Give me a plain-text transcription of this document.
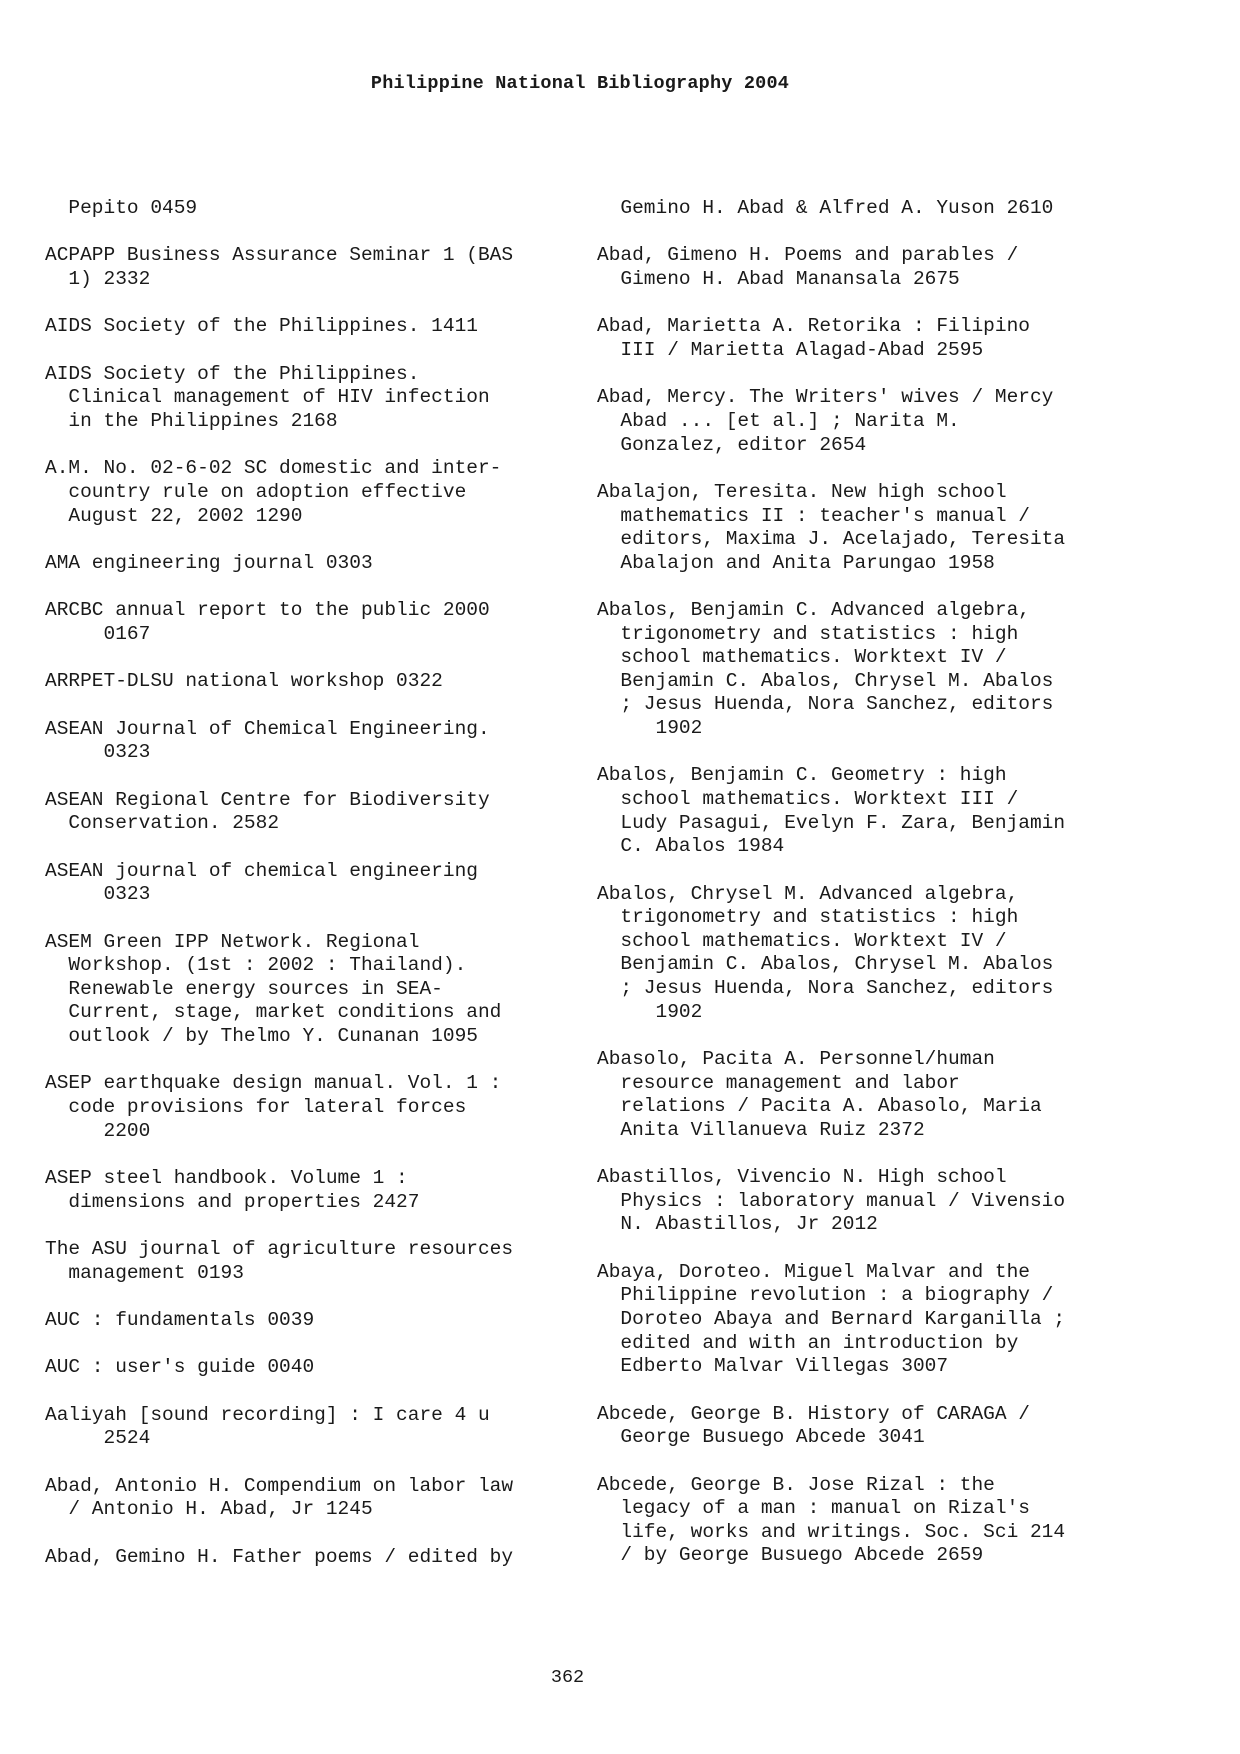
Philippine National Bibliography 2004
Pepito 0459
ACPAPP Business Assurance Seminar 1 (BAS
1) 2332
AIDS Society of the Philippines. 1411
AIDS Society of the Philippines.
Clinical management of HIV infection
in the Philippines 2168
A.M. No. 02-6-02 SC domestic and inter-
country rule on adoption effective
August 22, 2002 1290
AMA engineering journal 0303
ARCBC annual report to the public 2000
0167
ARRPET-DLSU national workshop 0322
ASEAN Journal of Chemical Engineering.
0323
ASEAN Regional Centre for Biodiversity
Conservation. 2582
ASEAN journal of chemical engineering
0323
ASEM Green IPP Network. Regional
Workshop. (1st : 2002 : Thailand).
Renewable energy sources in SEA-
Current, stage, market conditions and
outlook / by Thelmo Y. Cunanan 1095
ASEP earthquake design manual. Vol. 1 :
code provisions for lateral forces
2200
ASEP steel handbook. Volume 1 :
dimensions and properties 2427
The ASU journal of agriculture resources
management 0193
AUC : fundamentals 0039
AUC : user's guide 0040
Aaliyah [sound recording] : I care 4 u
2524
Abad, Antonio H. Compendium on labor law
/ Antonio H. Abad, Jr 1245
Abad, Gemino H. Father poems / edited by
Gemino H. Abad & Alfred A. Yuson 2610
Abad, Gimeno H. Poems and parables /
Gimeno H. Abad Manansala 2675
Abad, Marietta A. Retorika : Filipino
III / Marietta Alagad-Abad 2595
Abad, Mercy. The Writers' wives / Mercy
Abad ... [et al.] ; Narita M.
Gonzalez, editor 2654
Abalajon, Teresita. New high school
mathematics II : teacher's manual /
editors, Maxima J. Acelajado, Teresita
Abalajon and Anita Parungao 1958
Abalos, Benjamin C. Advanced algebra,
trigonometry and statistics : high
school mathematics. Worktext IV /
Benjamin C. Abalos, Chrysel M. Abalos
; Jesus Huenda, Nora Sanchez, editors
1902
Abalos, Benjamin C. Geometry : high
school mathematics. Worktext III /
Ludy Pasagui, Evelyn F. Zara, Benjamin
C. Abalos 1984
Abalos, Chrysel M. Advanced algebra,
trigonometry and statistics : high
school mathematics. Worktext IV /
Benjamin C. Abalos, Chrysel M. Abalos
; Jesus Huenda, Nora Sanchez, editors
1902
Abasolo, Pacita A. Personnel/human
resource management and labor
relations / Pacita A. Abasolo, Maria
Anita Villanueva Ruiz 2372
Abastillos, Vivencio N. High school
Physics : laboratory manual / Vivensio
N. Abastillos, Jr 2012
Abaya, Doroteo. Miguel Malvar and the
Philippine revolution : a biography /
Doroteo Abaya and Bernard Karganilla ;
edited and with an introduction by
Edberto Malvar Villegas 3007
Abcede, George B. History of CARAGA /
George Busuego Abcede 3041
Abcede, George B. Jose Rizal : the
legacy of a man : manual on Rizal's
life, works and writings. Soc. Sci 214
/ by George Busuego Abcede 2659
362
